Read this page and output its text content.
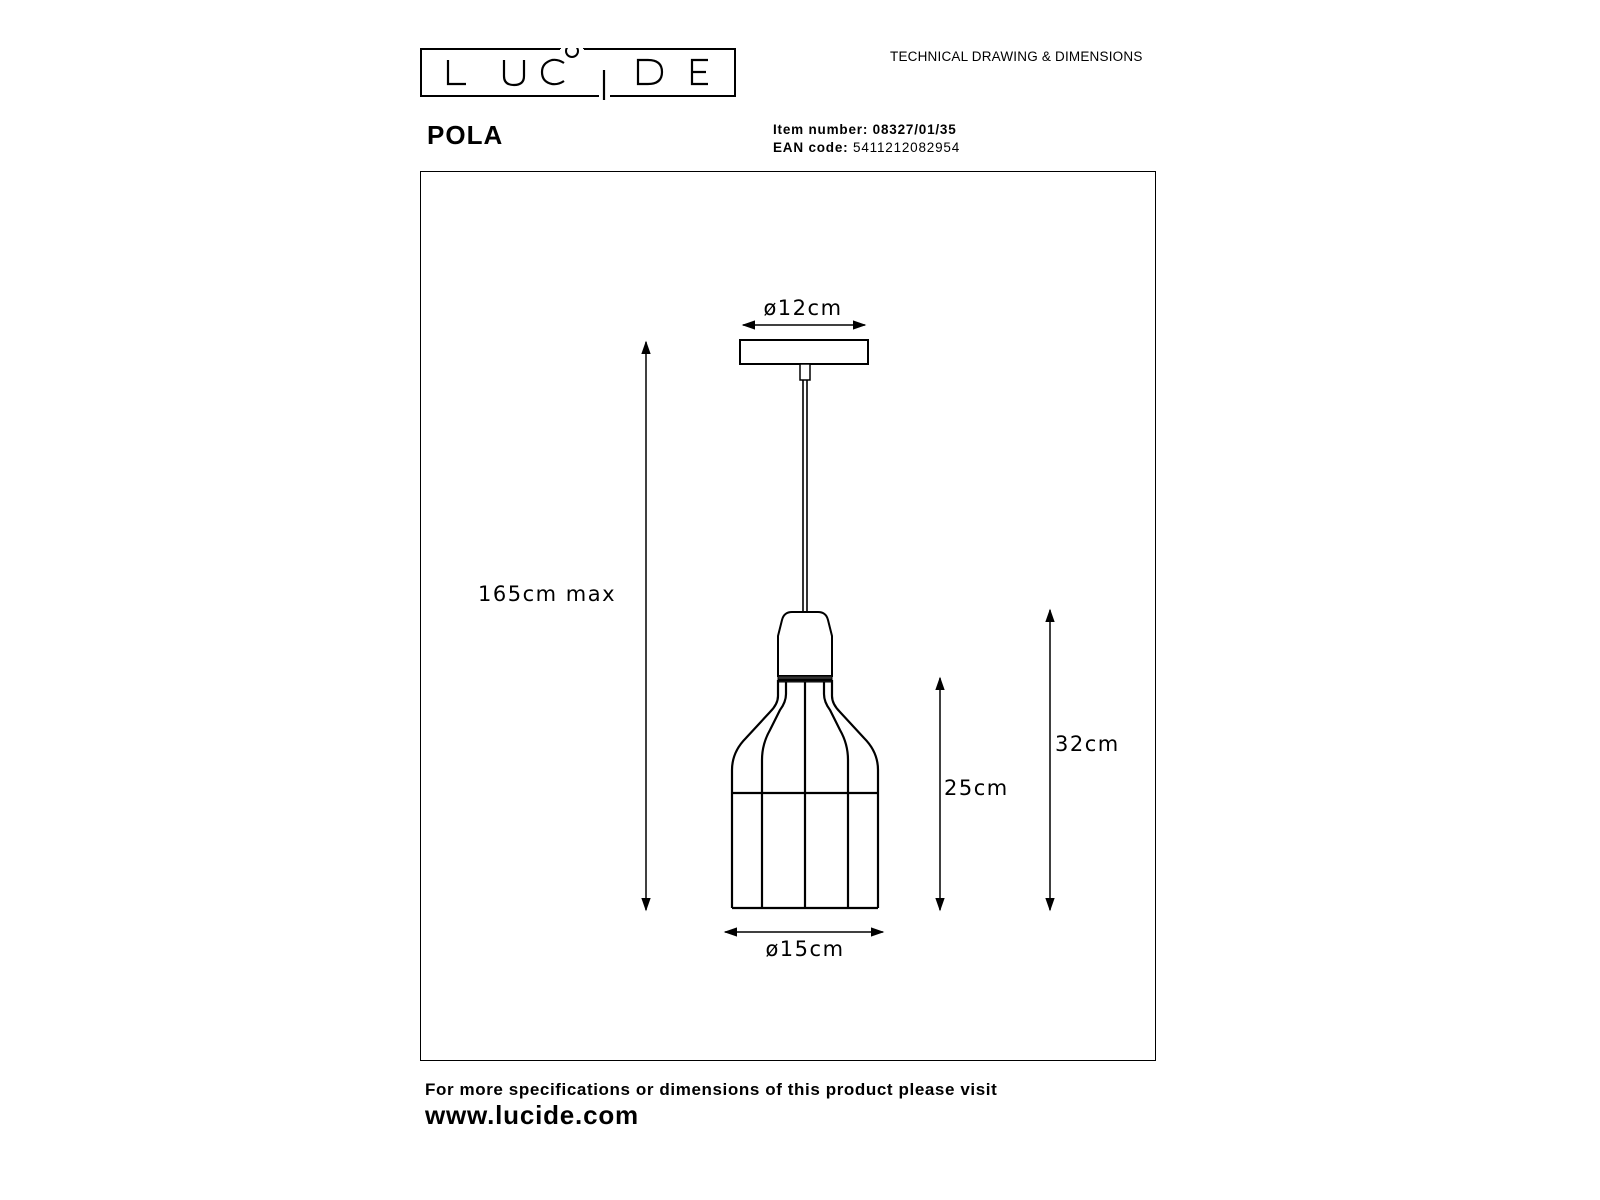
TECHNICAL DRAWING & DIMENSIONS
POLA	Item number: 08327/01/35
EAN code: 5411212082954
ø12cm
165cm max
25cm
32cm
ø15cm
For more specifications or dimensions of this product please visit
www.lucide.com
